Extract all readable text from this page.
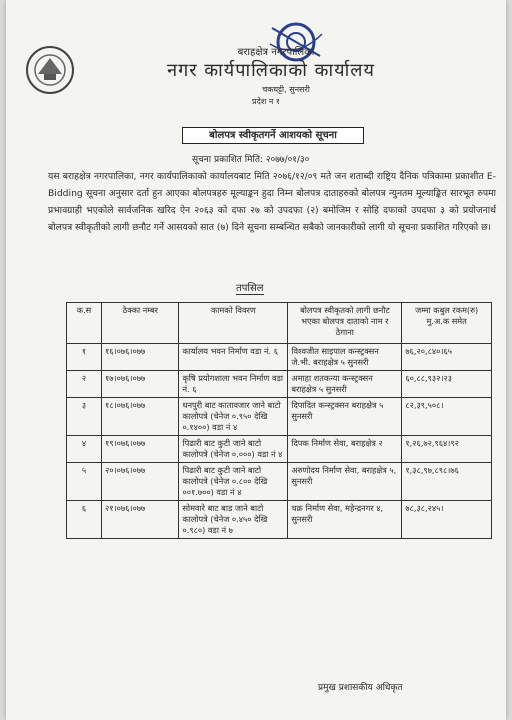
बराहक्षेत्र नगरपालिका
नगर कार्यपालिकाको कार्यालय
चकघट्टी, सुनसरी
प्रदेश न १
बोलपत्र स्वीकृतगर्ने आशयको सूचना
सूचना प्रकाशित मिति: २०७७/०१/३०
यस बराहक्षेत्र नगरपालिका, नगर कार्यपालिकाको कार्यालयबाट मिति २०७६/१२/०९ मते जन शताब्दी राष्ट्रिय दैनिक पत्रिकामा प्रकाशीत E-Bidding सूचना अनुसार दर्ता हुन आएका बोलपत्रहरु मूल्याङ्कन हुदा निम्न बोलपत्र दाताहरुको बोलपत्र न्युनतम मूल्याङ्कित सारभूत रुपमा प्रभावग्राही भएकोले सार्वजनिक खरिद ऐन २०६३ को दफा २७ को उपदफा (२) बमोजिम र सोहि दफाको उपदफा ३ को प्रयोजनार्थ बोलपत्र स्वीकृतीको लागी छनौट गर्ने आसयको सात (७) दिने सूचना सम्बन्धित सबैको जानकारीको लागी यो सूचना प्रकाशित गरिएको छ।
तपसिल
क.स	ठेक्का नम्बर	कामको विवरण	बोलपत्र स्वीकृतको लागी छनौट भएका बोलपत्र दाताको नाम र ठेगाना	जम्मा कबुल रकम(रु) मु.अ.क समेत
१	१६।०७६।०७७	कार्यालय भवन निर्माण वडा नं. ६	विश्वजीत साइपाल कन्स्ट्रक्सन जे.भी. बराहक्षेत्र ५ सुनसरी	७६,२०,८४०।६५
२	१७।०७६।०७७	कृषि प्रयोगशाला भवन निर्माण वडा नं. ६	अमाहा शतकन्या कन्स्ट्रक्सन बराहक्षेत्र ५ सुनसरी	६०,८८,९३२।२३
३	१८।०७६।०७७	धनपुरी बाट कातावजार जाने बाटो कालोपत्रे (चेनेज ०.९५० देखि ०.१४००) वडा नं ४	दिपादित कन्स्ट्रक्सन बराहक्षेत्र ५ सुनसरी	८२,३९,५०८।
४	१९।०७६।०७७	पिढारी बाट कुटी जाने बाटो कालोपत्रे (चेनेज ०.०००) वडा नं ४	दिपक निर्माण सेवा, बराहक्षेत्र २	१,२६,७२,९६४।९२
५	२०।०७६।०७७	पिढारी बाट कुटी जाने बाटो कालोपत्रे (चेनेज ०.८०० देखि ००१.७००) वडा नं ४	अरुणोदय निर्माण सेवा, बराहक्षेत्र ५, सुनसरी	१,३८,९७,८९८।७६
६	२१।०७६।०७७	सोमवारे बाट बाड जाने बाटो कालोपत्रे (चेनेज ०.४५० देखि ०.९८०) वडा नं ७	चक्र निर्माण सेवा, महेन्द्रनगर ४, सुनसरी	७८,३८,२४५।
प्रमुख प्रशासकीय अधिकृत
